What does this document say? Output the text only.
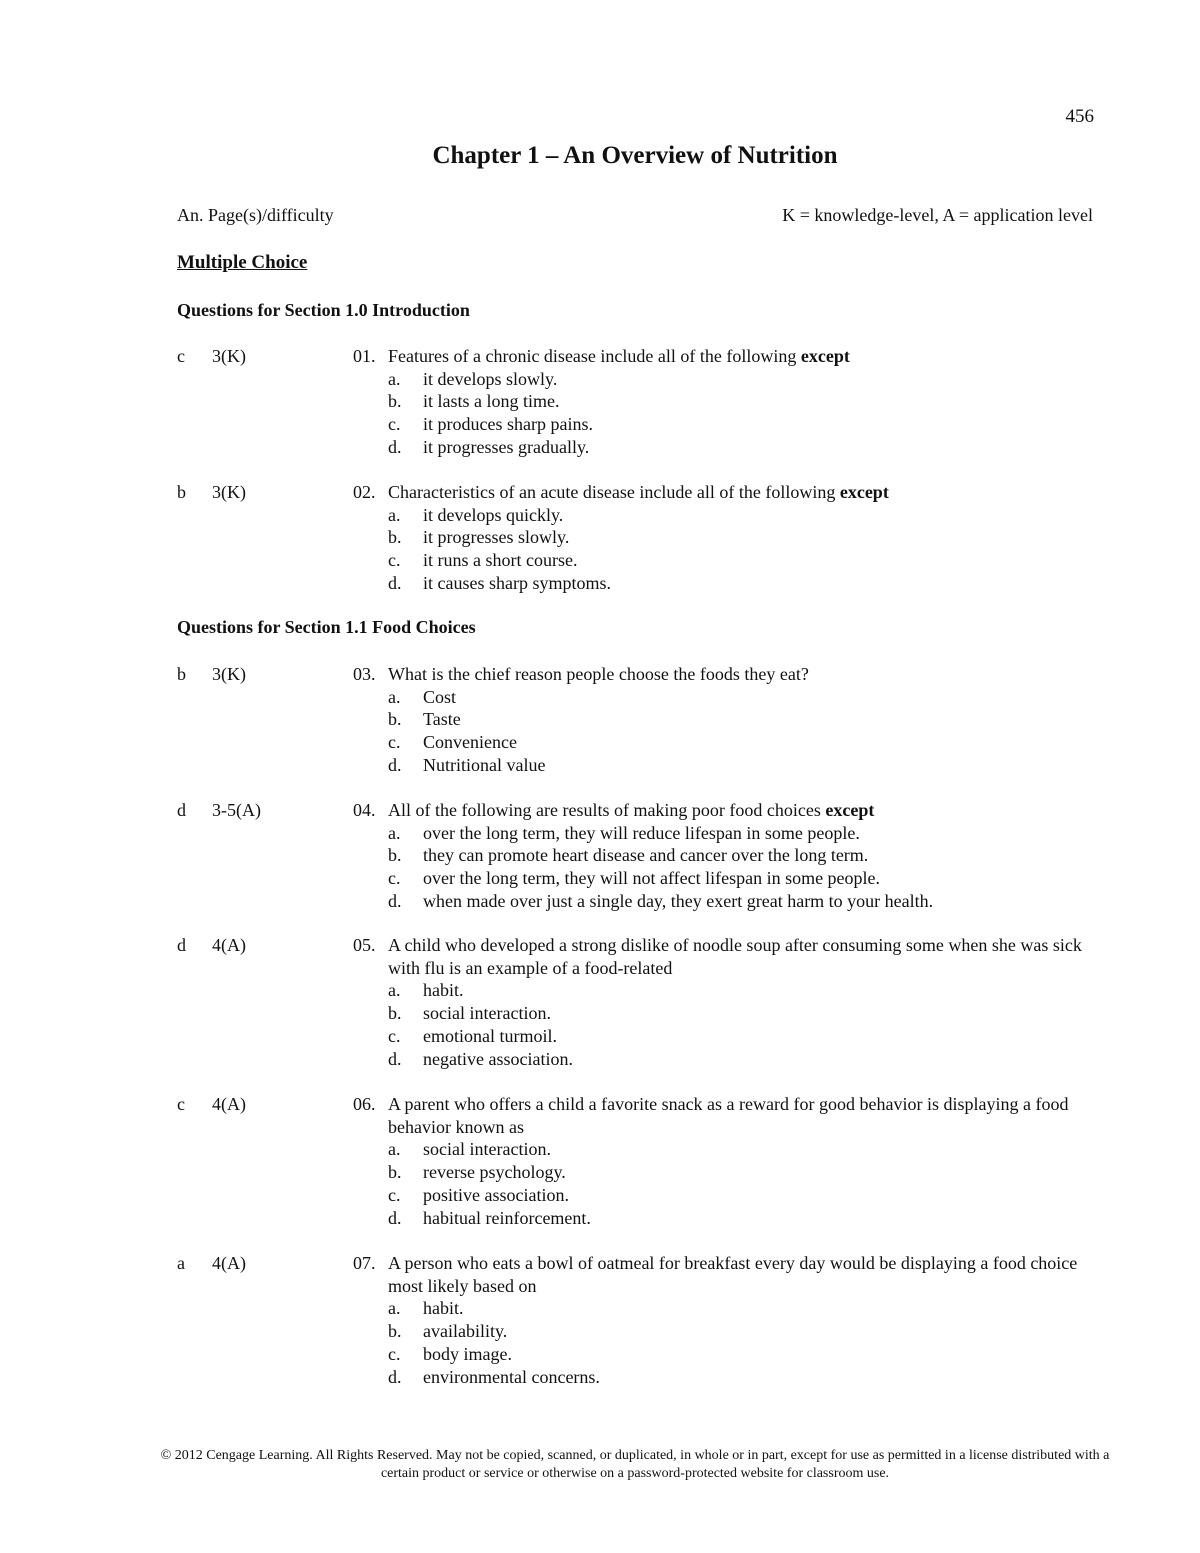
456
Chapter 1 – An Overview of Nutrition
An. Page(s)/difficulty	K = knowledge-level, A = application level
Multiple Choice
Questions for Section 1.0 Introduction
Questions for Section 1.1 Food Choices
c 3(K)	01. Features of a chronic disease include all of the following except
a. it develops slowly.
b. it lasts a long time.
c. it produces sharp pains.
d. it progresses gradually.
b 3(K)	02. Characteristics of an acute disease include all of the following except
a. it develops quickly.
b. it progresses slowly.
c. it runs a short course.
d. it causes sharp symptoms.
b 3(K)	03. What is the chief reason people choose the foods they eat?
a. Cost
b. Taste
c. Convenience
d. Nutritional value
d 3-5(A)	04. All of the following are results of making poor food choices except
a. over the long term, they will reduce lifespan in some people.
b. they can promote heart disease and cancer over the long term.
c. over the long term, they will not affect lifespan in some people.
d. when made over just a single day, they exert great harm to your health.
d 4(A)	05. A child who developed a strong dislike of noodle soup after consuming some when she was sick with flu is an example of a food-related
a. habit.
b. social interaction.
c. emotional turmoil.
d. negative association.
c 4(A)	06. A parent who offers a child a favorite snack as a reward for good behavior is displaying a food behavior known as
a. social interaction.
b. reverse psychology.
c. positive association.
d. habitual reinforcement.
a 4(A)	07. A person who eats a bowl of oatmeal for breakfast every day would be displaying a food choice most likely based on
a. habit.
b. availability.
c. body image.
d. environmental concerns.
© 2012 Cengage Learning. All Rights Reserved. May not be copied, scanned, or duplicated, in whole or in part, except for use as permitted in a license distributed with a certain product or service or otherwise on a password-protected website for classroom use.
